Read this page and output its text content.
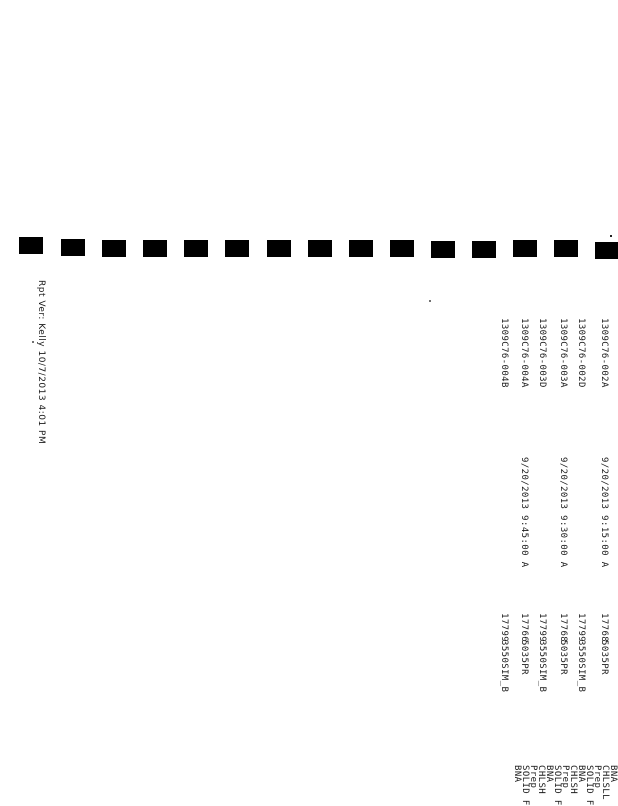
Rpt Ver: Kelly 10/7/2013 4:01 PM	1309C76-002A
1309C76-002D
1309C76-003A
1309C76-003D
1309C76-004A
1309C76-004B
9/20/2013 9:15:00 A
9/20/2013 9:30:00 A
9/20/2013 9:45:00 A
17768
17799
17768
17799
17766
17799
5035PR
3550SIM_B
5035PR
3550SIM_B
5035PR
3550SIM_B
BNA
CHLSLL
Prep
SOLID F
BNA
CHLSH
Prep
SOLID F
BNA
CHLSH
Prep
SOLID F
BNA
